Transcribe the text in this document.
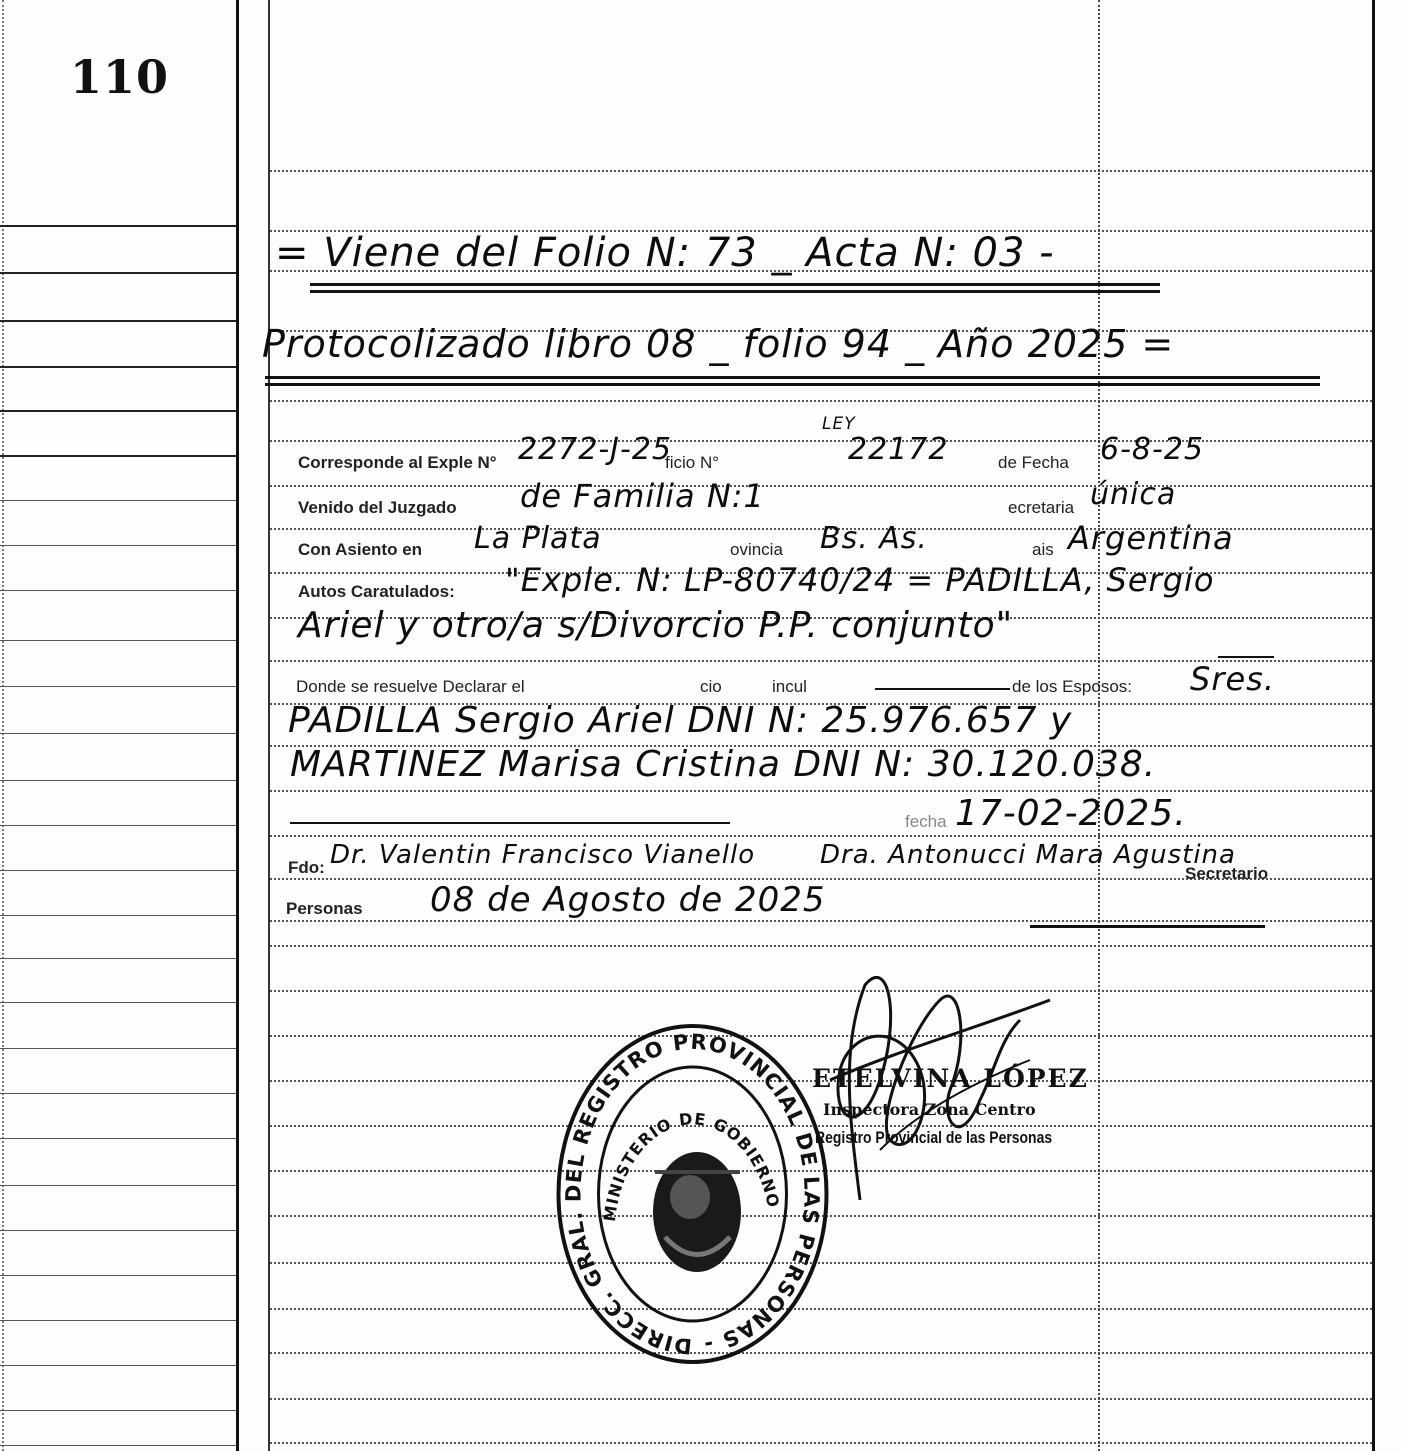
110
= Viene del Folio N: 73 _ Acta N: 03 -
Protocolizado libro 08 _ folio 94 _ Año 2025 =
Corresponde al Exple N° 2272-J-25
ficio N°
LEY
22172	de Fecha 6-8-25
Venido del Juzgado de Familia N:1	ecretaria única
Con Asiento en La Plata	ovincia Bs. As.	ais Argentina
Autos Caratulados: "Exple. N: LP-80740/24 = PADILLA, Sergio
Ariel y otro/a s/Divorcio P.P. conjunto"
Donde se resuelve Declarar el	cio	incul	de los Esposos: Sres.
PADILLA Sergio Ariel DNI N: 25.976.657 y
MARTINEZ Marisa Cristina DNI N: 30.120.038.
fecha 17-02-2025.
Fdo: Dr. Valentin Francisco Vianello Dra. Antonucci Mara Agustina
Secretario
Personas 08 de Agosto de 2025
DIRECC. GRAL. DEL REGISTRO PROVINCIAL DE LAS PERSONAS -
MINISTERIO DE GOBIERNO
ETELVINA LÓPEZ
Inspectora Zona Centro
Registro Provincial de las Personas
